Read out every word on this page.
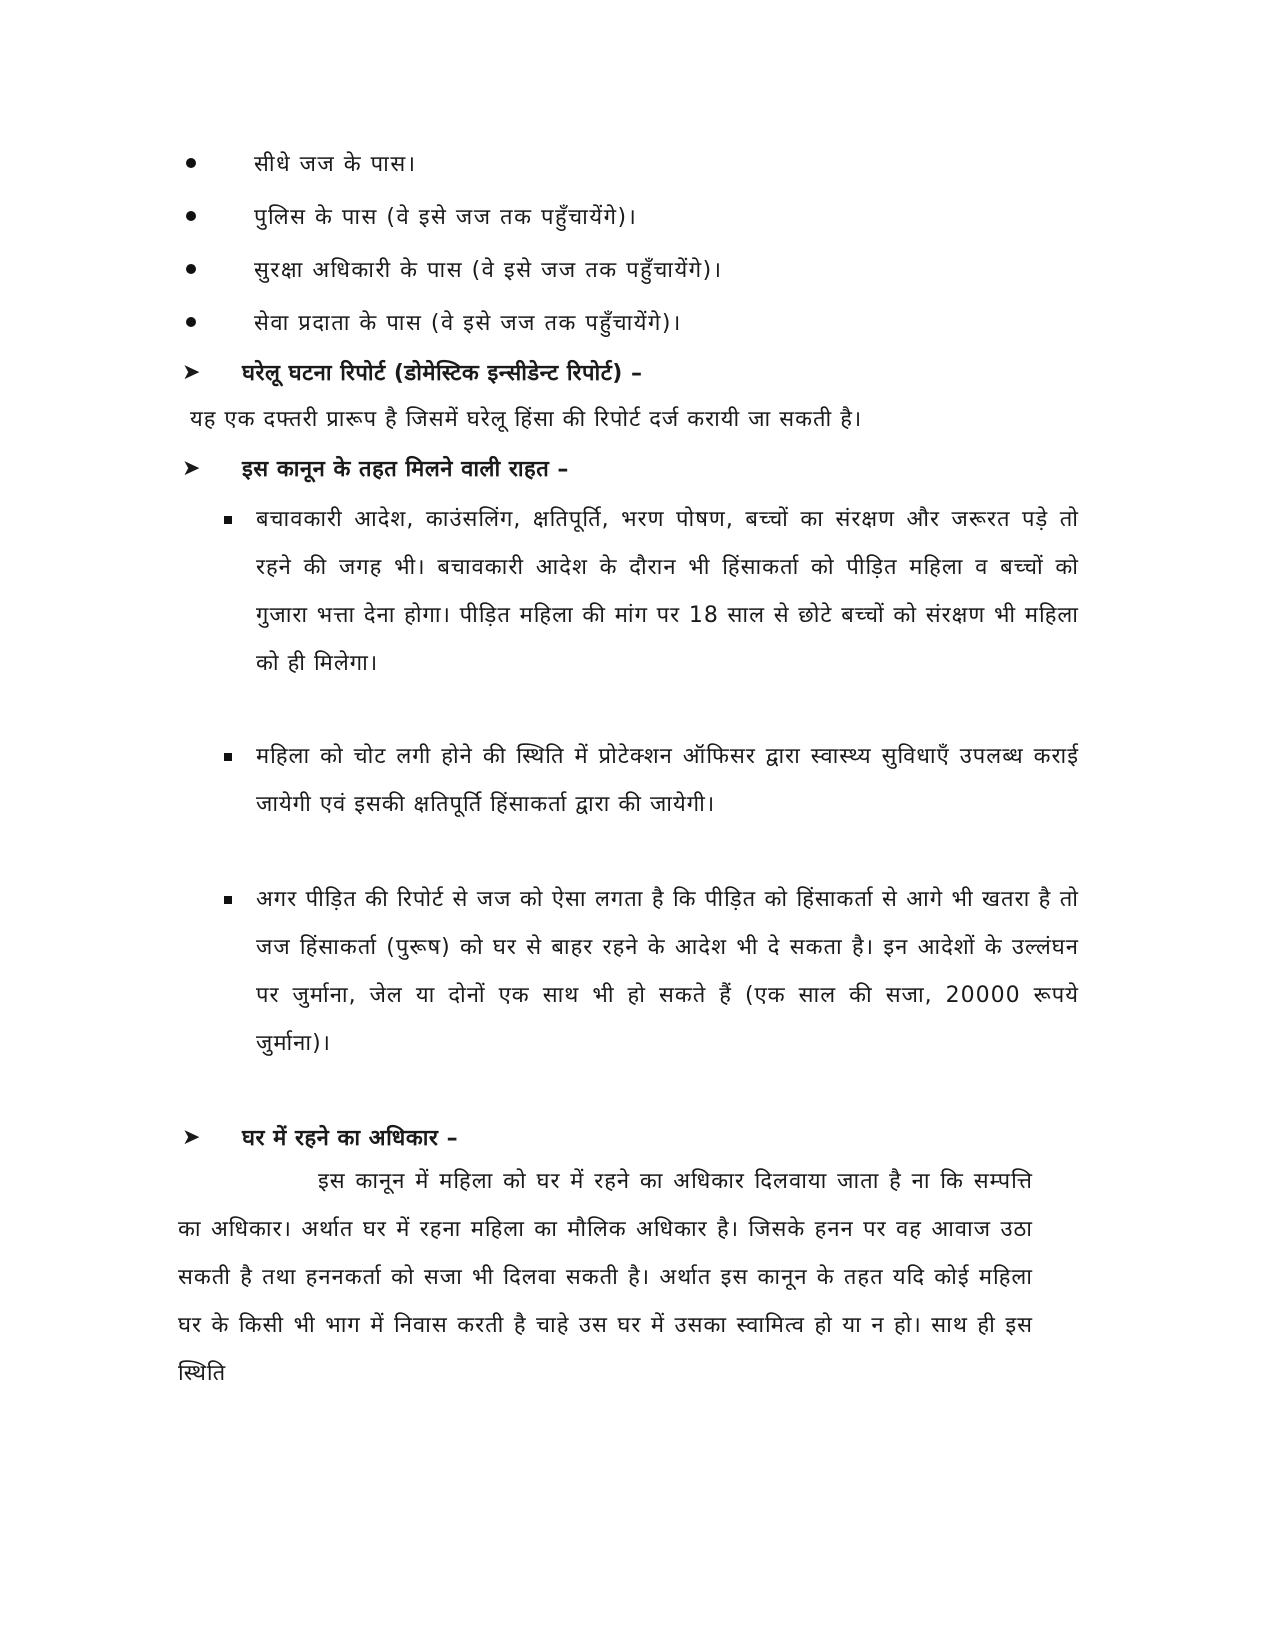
सीधे जज के पास।
पुलिस के पास (वे इसे जज तक पहुँचायेंगे)।
सुरक्षा अधिकारी के पास (वे इसे जज तक पहुँचायेंगे)।
सेवा प्रदाता के पास (वे इसे जज तक पहुँचायेंगे)।
➤	घरेलू घटना रिपोर्ट (डोमेस्टिक इन्सीडेन्ट रिपोर्ट) –
यह एक दफ्तरी प्रारूप है जिसमें घरेलू हिंसा की रिपोर्ट दर्ज करायी जा सकती है।
➤	इस कानून के तहत मिलने वाली राहत –
बचावकारी आदेश, काउंसलिंग, क्षतिपूर्ति, भरण पोषण, बच्चों का संरक्षण और जरूरत पड़े तो रहने की जगह भी। बचावकारी आदेश के दौरान भी हिंसाकर्ता को पीड़ित महिला व बच्चों को गुजारा भत्ता देना होगा। पीड़ित महिला की मांग पर 18 साल से छोटे बच्चों को संरक्षण भी महिला को ही मिलेगा।
महिला को चोट लगी होने की स्थिति में प्रोटेक्शन ऑफिसर द्वारा स्वास्थ्य सुविधाएँ उपलब्ध कराई जायेगी एवं इसकी क्षतिपूर्ति हिंसाकर्ता द्वारा की जायेगी।
अगर पीड़ित की रिपोर्ट से जज को ऐसा लगता है कि पीड़ित को हिंसाकर्ता से आगे भी खतरा है तो जज हिंसाकर्ता (पुरूष) को घर से बाहर रहने के आदेश भी दे सकता है। इन आदेशों के उल्लंघन पर जुर्माना, जेल या दोनों एक साथ भी हो सकते हैं (एक साल की सजा, 20000 रूपये जुर्माना)।
➤	घर में रहने का अधिकार –
इस कानून में महिला को घर में रहने का अधिकार दिलवाया जाता है ना कि सम्पत्ति का अधिकार। अर्थात घर में रहना महिला का मौलिक अधिकार है। जिसके हनन पर वह आवाज उठा सकती है तथा हननकर्ता को सजा भी दिलवा सकती है। अर्थात इस कानून के तहत यदि कोई महिला घर के किसी भी भाग में निवास करती है चाहे उस घर में उसका स्वामित्व हो या न हो। साथ ही इस स्थिति
